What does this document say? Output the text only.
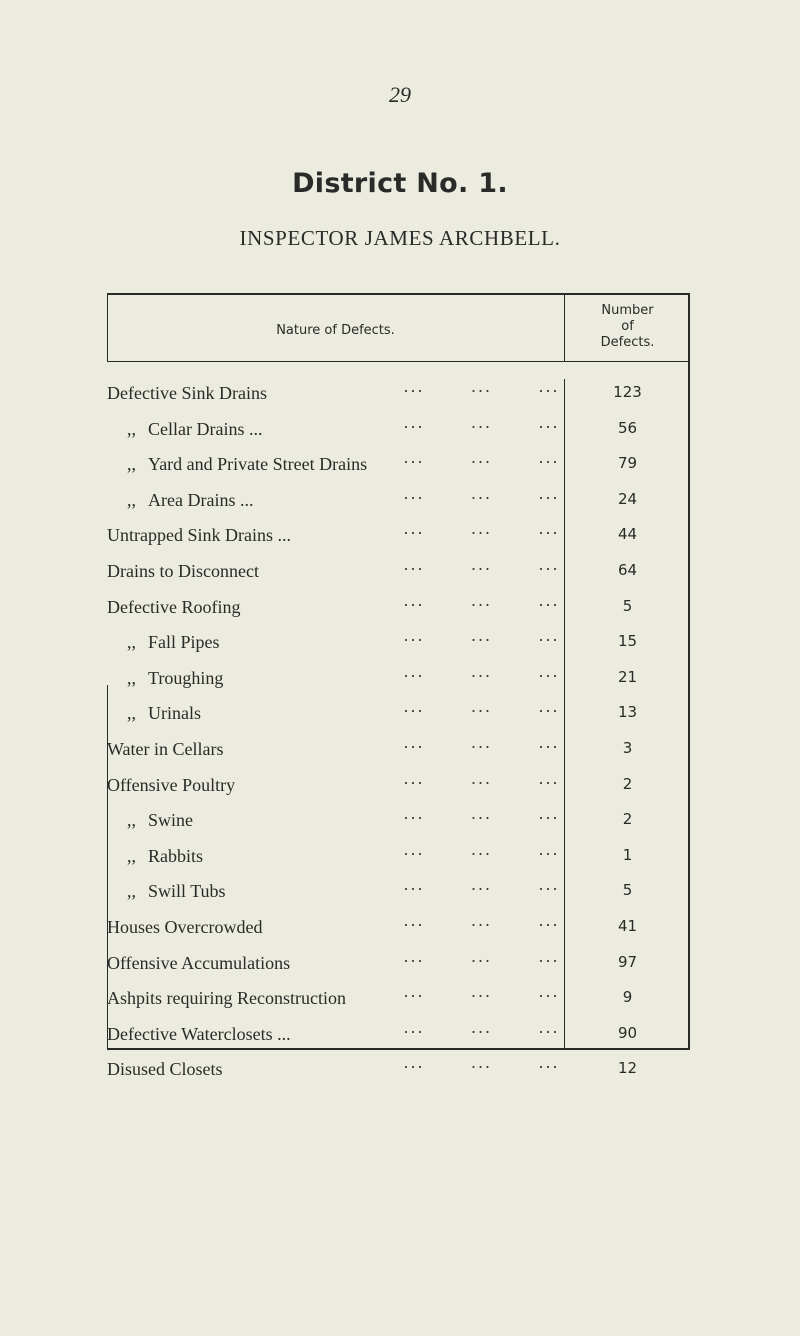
29
District No. 1.
INSPECTOR JAMES ARCHBELL.
Nature of Defects.
Number
of
Defects.
Defective Sink Drains	···	···	···	123
,, Cellar Drains ...	···	···	···	56
,, Yard and Private Street Drains ···	···	···	79
,, Area Drains ...	···	···	···	24
Untrapped Sink Drains ...	···	···	···	44
Drains to Disconnect	···	···	···	64
Defective Roofing	···	···	···	5
,, Fall Pipes	···	···	···	15
,, Troughing	···	···	···	21
,, Urinals	···	···	···	13
Water in Cellars	···	···	···	3
Offensive Poultry	···	···	···	2
,, Swine	···	···	···	2
,, Rabbits	···	···	···	1
,, Swill Tubs	···	···	···	5
Houses Overcrowded	···	···	···	41
Offensive Accumulations	···	···	···	97
Ashpits requiring Reconstruction	···	···	···	9
Defective Waterclosets ...	···	···	···	90
Disused Closets	···	···	···	12
